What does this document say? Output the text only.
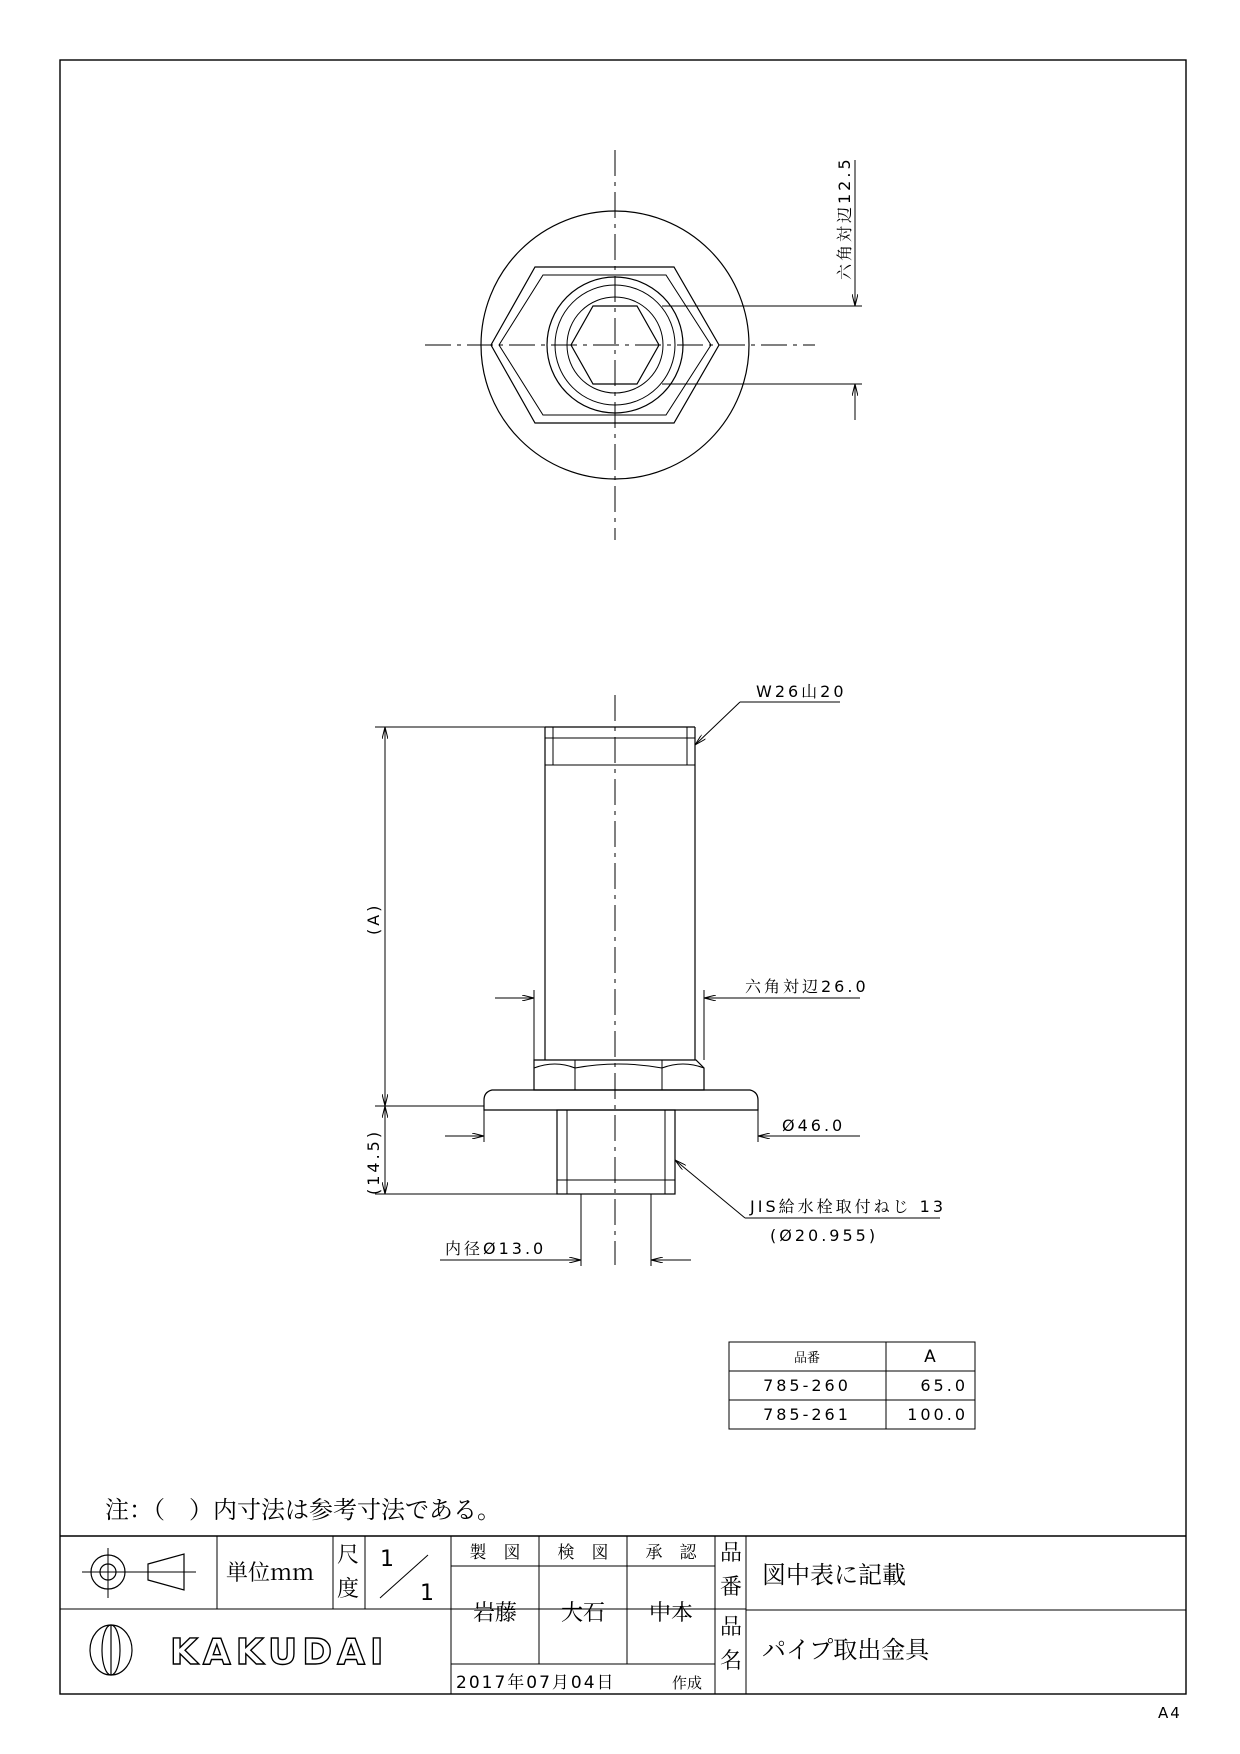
六角対辺12.5
W26山20
(A)
(14.5)
六角対辺26.0
Ø46.0
JIS給水栓取付ねじ 13
(Ø20.955)
内径Ø13.0
品番	A
785-260	65.0
785-261	100.0
注：（　）内寸法は参考寸法である。
単位ｍｍ
尺
度
1
1
製　図 検　図 承　認
岩藤 大石 中本
品
番 図中表に記載
品
名 パイプ取出金具
KAKUDAI
2017年07月04日	作成
A4
